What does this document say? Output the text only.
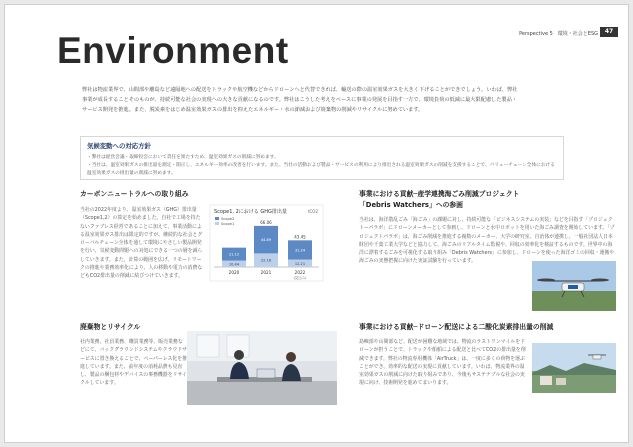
Perspective 5　環境・社会とESG	47
Environment

弊社は物流業界で、山間部や離島など遠隔地への配送をトラックや航空機などからドローンへと代替できれば、輸送の際の温室効果ガスを大きく下げることができでしょう。いわば、弊社事業が成長することそのものが、持続可能な社会の実現への大きな貢献になるのです。弊社はこうした考えをベースに事業の発展を目指す一方で、環境負荷の低減に最大限配慮した製品・サービス開発を推進。また、脱炭素をはじめ温室効果ガスの排出を抑えたエネルギー・水の節減および廃棄物の削減やリサイクルに努めています。

気候変動への対応方針

・弊社は経営会議・取締役会において責任を果たすため、温室効果ガスの削減に努めます。

・当社は、温室効果ガスの排出量を測定・開示し、エネルギー効率の改善を行います。また、当社の活動および製品・サービスの利用により排出される温室効果ガスの削減を支援することで、バリューチェーン全体における温室効果ガスの排出量の削減に努めます。

カーボンニュートラルへの取り組み

当社の2022年度より、温室効果ガス（GHG）排出量（Scope1,2）の算定を始めました。自社で工場を持たないファブレス経営であることに加えて、事業活動による温室効果ガス排出は限定的ですが、継続的な社会とグローバルチェーン全体を通して環境にやさしい製品開発を行い、気候変動問題への対処にできる一つの層を減らしていきます。また、計算の範囲を広げ、リモートワークの推進や業務効率化により、人の移動や電力の消費などもCO2排出量の削減に結びつけていきます。

Scope1, 2における GHG排出量	tCO2
Scope2
Scope1
10.44
21.12
2020
22.16
44.89
66.06
2021
12.21
31.24
43.45
2022
(見込み)
廃棄物とリサイクル

社内業務、社員業務、購買業務等、販売業務などにて、バックグラウンドシステムやクラウドサービスに置き換えることで、ペーパーレス化を推進しています。また、前年度の消耗品費も見直し、製品の梱包材やデバイスの事務機器をリサイクルしています。

事業における貢献─産学連携海ごみ削減プロジェクト
「Debris Watchers」への参画

当社は、海洋散乱ごみ「海ごみ」の課題に対し、持続可能な「ビジネスシステムの実装」などを目指す「プロジェクトーパラボ」にドローンメーカーとして参画し、ドローンと水中ロボットを用いた海ごみ調査を開始しています。「プロジェクトパラボ」は、海ごみ削減を推進する複数のメーカー、大学の研究室、自治体が連携し、一般社団法人日本財団や千葉工業大学などと協力して、海ごみのリアルタイム監視や、回収の効率化を検証するものです。世界中の海洋に漂着するごみを可視化する取り組み「Debris Watchers」に参加し、ドローンを使った海洋ゴミの回収・運搬や海ごみの実態把握に向けた実証試験を行っています。

事業における貢献─ドローン配送による二酸化炭素排出量の削減

島嶼部や山間部など、配送が困難な地域では、物流のラストワンマイルをドローンが担うことで、トラックや船舶による配送と比べてCO2の排出量を削減できます。弊社の物流専用機体「AirTruck」は、一度に多くの荷物を運ぶことができ、効率的な配送の実現に貢献しています。いわば、物流業界の温室効果ガスの削減に向けた取り組みであり、今後もサステナブルな社会の実現に向け、技術開発を進めてまいります。
